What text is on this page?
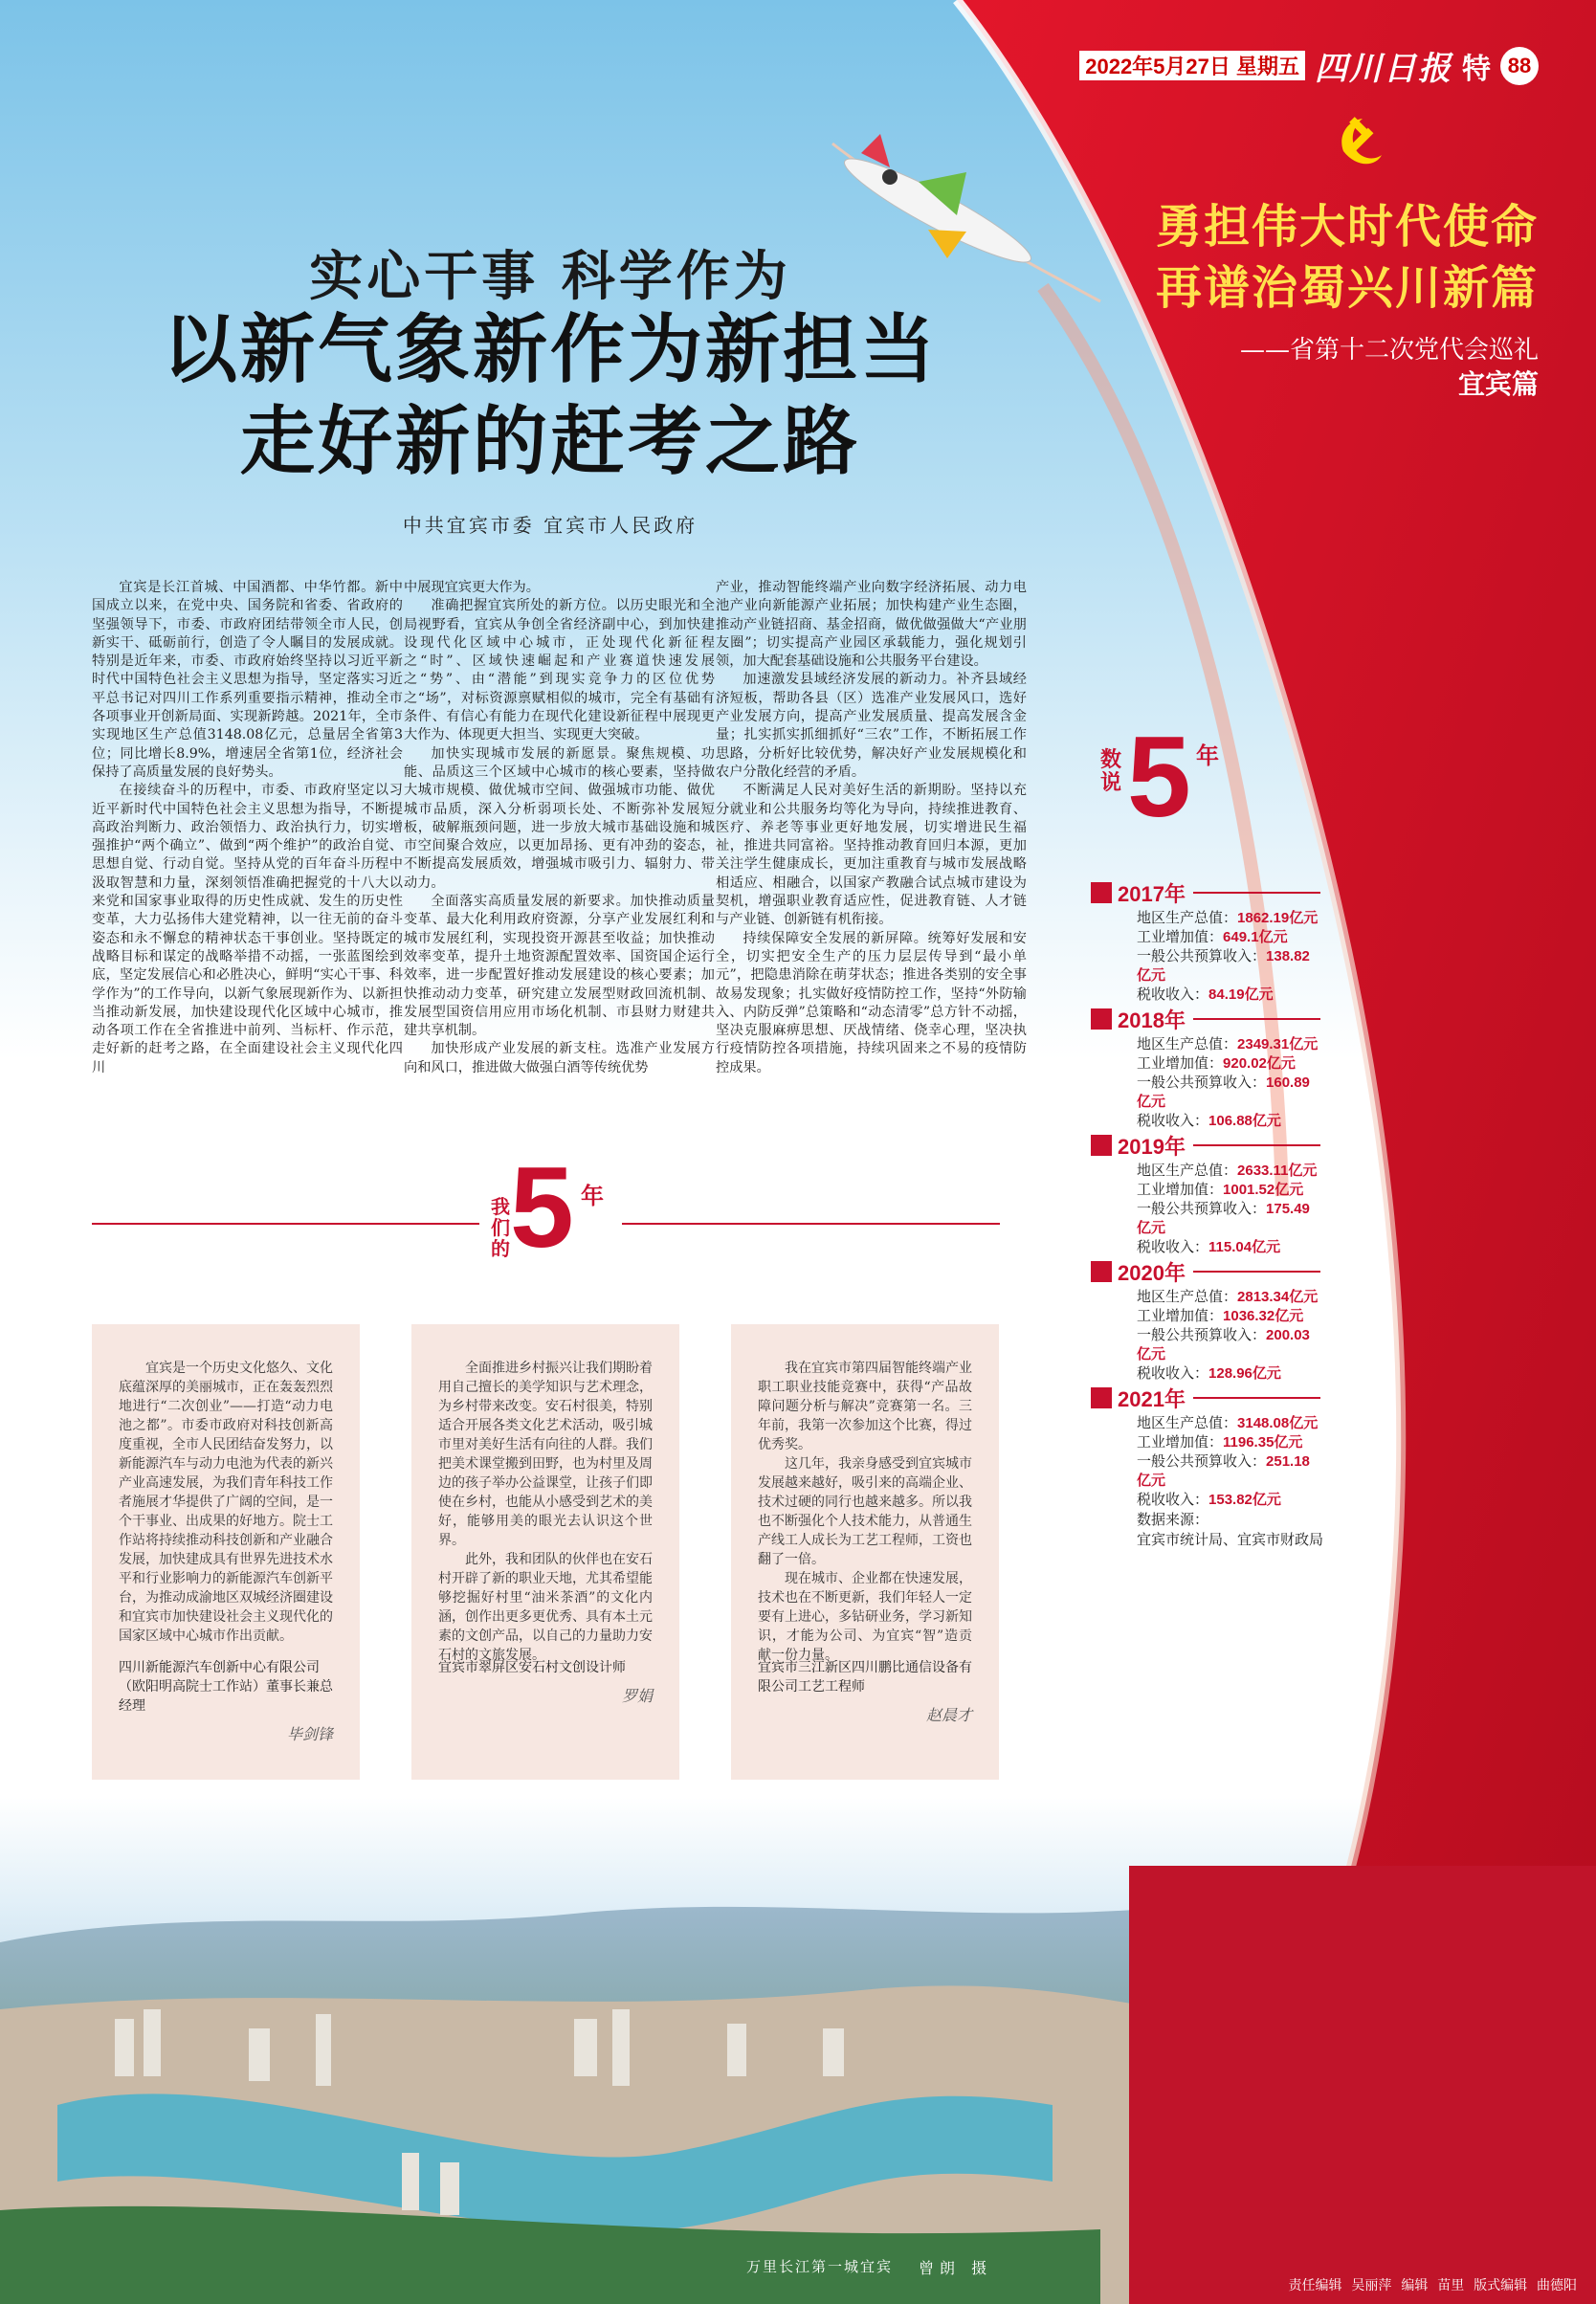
2022年5月27日 星期五 四川日报 特 88
勇担伟大时代使命
再谱治蜀兴川新篇
——省第十二次党代会巡礼
宜宾篇
实心干事 科学作为
以新气象新作为新担当
走好新的赶考之路
中共宜宾市委 宜宾市人民政府

宜宾是长江首城、中国酒都、中华竹都。新中国成立以来，在党中央、国务院和省委、省政府的坚强领导下，市委、市政府团结带领全市人民，创新实干、砥砺前行，创造了令人瞩目的发展成就。特别是近年来，市委、市政府始终坚持以习近平新时代中国特色社会主义思想为指导，坚定落实习近平总书记对四川工作系列重要指示精神，推动全市各项事业开创新局面、实现新跨越。2021年，全市实现地区生产总值3148.08亿元，总量居全省第3位；同比增长8.9%，增速居全省第1位，经济社会保持了高质量发展的良好势头。

在接续奋斗的历程中，市委、市政府坚定以习近平新时代中国特色社会主义思想为指导，不断提高政治判断力、政治领悟力、政治执行力，切实增强推护“两个确立”、做到“两个维护”的政治自觉、思想自觉、行动自觉。坚持从党的百年奋斗历程中汲取智慧和力量，深刻领悟准确把握党的十八大以来党和国家事业取得的历史性成就、发生的历史性变革，大力弘扬伟大建党精神，以一往无前的奋斗姿态和永不懈怠的精神状态干事创业。坚持既定的战略目标和谋定的战略举措不动摇，一张蓝图绘到底，坚定发展信心和必胜决心，鲜明“实心干事、科学作为”的工作导向，以新气象展现新作为、以新担当推动新发展，加快建设现代化区域中心城市，推动各项工作在全省推进中前列、当标杆、作示范，走好新的赶考之路，在全面建设社会主义现代化四川

中展现宜宾更大作为。

准确把握宜宾所处的新方位。以历史眼光和全局视野看，宜宾从争创全省经济副中心，到加快建设现代化区域中心城市，正处现代化新征程之“时”、区域快速崛起和产业赛道快速发展之“势”、由“潜能”到现实竞争力的区位优势之“场”，对标资源禀赋相似的城市，完全有基础有条件、有信心有能力在现代化建设新征程中展现更大作为、体现更大担当、实现更大突破。

加快实现城市发展的新愿景。聚焦规模、功能、品质这三个区域中心城市的核心要素，坚持做大城市规模、做优城市空间、做强城市功能、做优城市品质，深入分析弱项长处、不断弥补发展短板，破解瓶颈问题，进一步放大城市基础设施和城市空间聚合效应，以更加昂扬、更有冲劲的姿态，不断提高发展质效，增强城市吸引力、辐射力、带动力。

全面落实高质量发展的新要求。加快推动质量变革、最大化利用政府资源，分享产业发展红利和城市发展红利，实现投资开源甚至收益；加快推动效率变革，提升土地资源配置效率、国资国企运行效率，进一步配置好推动发展建设的核心要素；加快推动动力变革，研究建立发展型财政回流机制、发展型国资信用应用市场化机制、市县财力财建共建共享机制。

加快形成产业发展的新支柱。选准产业发展方向和风口，推进做大做强白酒等传统优势

产业，推动智能终端产业向数字经济拓展、动力电池产业向新能源产业拓展；加快构建产业生态圈，推动产业链招商、基金招商，做优做强做大“产业朋友圈”；切实提高产业园区承载能力，强化规划引领，加大配套基础设施和公共服务平台建设。

加速激发县域经济发展的新动力。补齐县域经济短板，帮助各县（区）选准产业发展风口，选好产业发展方向，提高产业发展质量、提高发展含金量；扎实抓实抓细抓好“三农”工作，不断拓展工作思路，分析好比较优势，解决好产业发展规模化和农户分散化经营的矛盾。

不断满足人民对美好生活的新期盼。坚持以充分就业和公共服务均等化为导向，持续推进教育、医疗、养老等事业更好地发展，切实增进民生福祉，推进共同富裕。坚持推动教育回归本源，更加关注学生健康成长，更加注重教育与城市发展战略相适应、相融合，以国家产教融合试点城市建设为契机，增强职业教育适应性，促进教育链、人才链与产业链、创新链有机衔接。

持续保障安全发展的新屏障。统筹好发展和安全，切实把安全生产的压力层层传导到“最小单元”，把隐患消除在萌芽状态；推进各类别的安全事故易发现象；扎实做好疫情防控工作，坚持“外防输入、内防反弹”总策略和“动态清零”总方针不动摇，坚决克服麻痹思想、厌战情绪、侥幸心理，坚决执行疫情防控各项措施，持续巩固来之不易的疫情防控成果。

我们的 5 年

宜宾是一个历史文化悠久、文化底蕴深厚的美丽城市，正在轰轰烈烈地进行“二次创业”——打造“动力电池之都”。市委市政府对科技创新高度重视，全市人民团结奋发努力，以新能源汽车与动力电池为代表的新兴产业高速发展，为我们青年科技工作者施展才华提供了广阔的空间，是一个干事业、出成果的好地方。院士工作站将持续推动科技创新和产业融合发展，加快建成具有世界先进技术水平和行业影响力的新能源汽车创新平台，为推动成渝地区双城经济圈建设和宜宾市加快建设社会主义现代化的国家区域中心城市作出贡献。

四川新能源汽车创新中心有限公司（欧阳明高院士工作站）董事长兼总经理
毕剑锋

全面推进乡村振兴让我们期盼着用自己擅长的美学知识与艺术理念，为乡村带来改变。安石村很美，特别适合开展各类文化艺术活动，吸引城市里对美好生活有向往的人群。我们把美术课堂搬到田野，也为村里及周边的孩子举办公益课堂，让孩子们即使在乡村，也能从小感受到艺术的美好，能够用美的眼光去认识这个世界。

此外，我和团队的伙伴也在安石村开辟了新的职业天地，尤其希望能够挖掘好村里“油米茶酒”的文化内涵，创作出更多更优秀、具有本土元素的文创产品，以自己的力量助力安石村的文旅发展。

宜宾市翠屏区安石村文创设计师
罗娟

我在宜宾市第四届智能终端产业职工职业技能竞赛中，获得“产品故障问题分析与解决”竞赛第一名。三年前，我第一次参加这个比赛，得过优秀奖。

这几年，我亲身感受到宜宾城市发展越来越好，吸引来的高端企业、技术过硬的同行也越来越多。所以我也不断强化个人技术能力，从普通生产线工人成长为工艺工程师，工资也翻了一倍。

现在城市、企业都在快速发展，技术也在不断更新，我们年轻人一定要有上进心，多钻研业务，学习新知识，才能为公司、为宜宾“智”造贡献一份力量。

宜宾市三江新区四川鹏比通信设备有限公司工艺工程师
赵晨才
数说 5 年
2017年
地区生产总值：1862.19亿元
工业增加值：649.1亿元
一般公共预算收入：138.82亿元
税收收入：84.19亿元
2018年
地区生产总值：2349.31亿元
工业增加值：920.02亿元
一般公共预算收入：160.89亿元
税收收入：106.88亿元
2019年
地区生产总值：2633.11亿元
工业增加值：1001.52亿元
一般公共预算收入：175.49亿元
税收收入：115.04亿元
2020年
地区生产总值：2813.34亿元
工业增加值：1036.32亿元
一般公共预算收入：200.03亿元
税收收入：128.96亿元
2021年
地区生产总值：3148.08亿元
工业增加值：1196.35亿元
一般公共预算收入：251.18亿元
税收收入：153.82亿元
数据来源：
宜宾市统计局、宜宾市财政局
万里长江第一城宜宾 曾朗 摄
责任编辑 吴丽萍 编辑 苗里 版式编辑 曲德阳
